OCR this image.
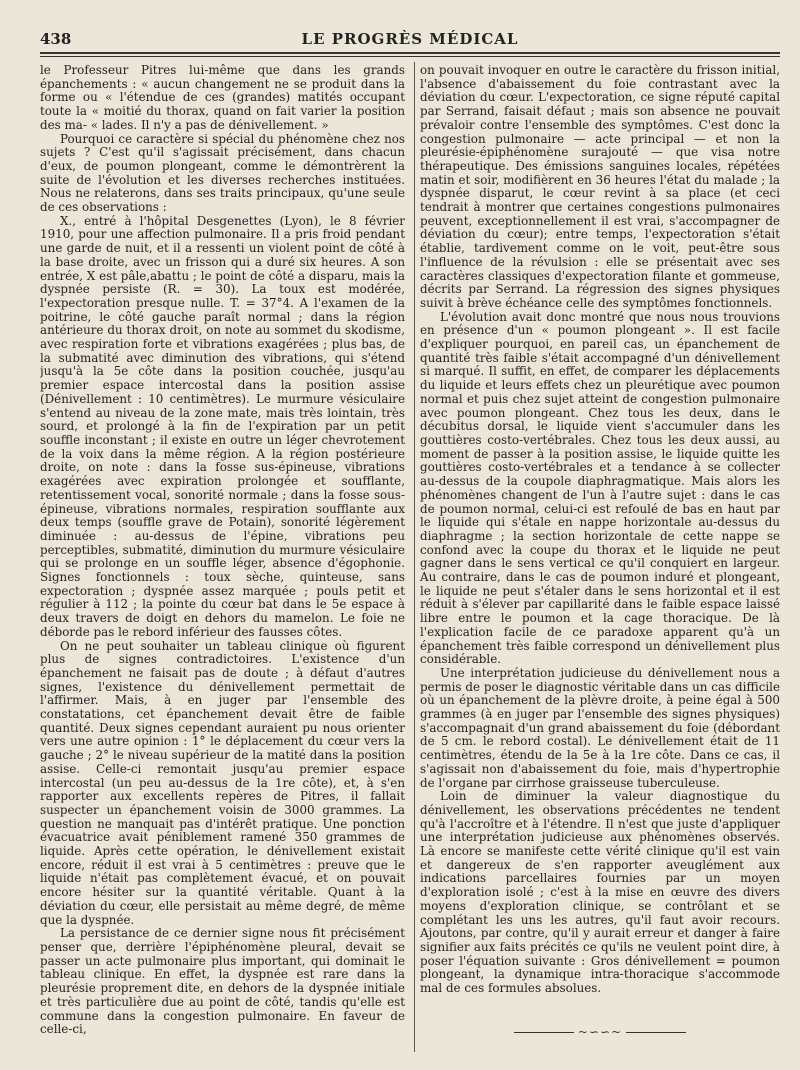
438	LE PROGRÈS MÉDICAL

le Professeur Pitres lui-même que dans les grands épanchements : « aucun changement ne se produit dans la forme ou « l'étendue de ces (grandes) matités occupant toute la « moitié du thorax, quand on fait varier la position des ma- « lades. Il n'y a pas de dénivellement. »

Pourquoi ce caractère si spécial du phénomène chez nos sujets ? C'est qu'il s'agissait précisément, dans chacun d'eux, de poumon plongeant, comme le démontrèrent la suite de l'évolution et les diverses recherches instituées. Nous ne relaterons, dans ses traits principaux, qu'une seule de ces observations :

X., entré à l'hôpital Desgenettes (Lyon), le 8 février 1910, pour une affection pulmonaire. Il a pris froid pendant une garde de nuit, et il a ressenti un violent point de côté à la base droite, avec un frisson qui a duré six heures. A son entrée, X est pâle,abattu ; le point de côté a disparu, mais la dyspnée persiste (R. = 30). La toux est modérée, l'expectoration presque nulle. T. = 37°4. A l'examen de la poitrine, le côté gauche paraît normal ; dans la région antérieure du thorax droit, on note au sommet du skodisme, avec respiration forte et vibrations exagérées ; plus bas, de la submatité avec diminution des vibrations, qui s'étend jusqu'à la 5e côte dans la position couchée, jusqu'au premier espace intercostal dans la position assise (Dénivellement : 10 centimètres). Le murmure vésiculaire s'entend au niveau de la zone mate, mais très lointain, très sourd, et prolongé à la fin de l'expiration par un petit souffle inconstant ; il existe en outre un léger chevrotement de la voix dans la même région. A la région postérieure droite, on note : dans la fosse sus-épineuse, vibrations exagérées avec expiration prolongée et soufflante, retentissement vocal, sonorité normale ; dans la fosse sous-épineuse, vibrations normales, respiration soufflante aux deux temps (souffle grave de Potain), sonorité légèrement diminuée : au-dessus de l'épine, vibrations peu perceptibles, submatité, diminution du murmure vésiculaire qui se prolonge en un souffle léger, absence d'égophonie. Signes fonctionnels : toux sèche, quinteuse, sans expectoration ; dyspnée assez marquée ; pouls petit et régulier à 112 ; la pointe du cœur bat dans le 5e espace à deux travers de doigt en dehors du mamelon. Le foie ne déborde pas le rebord inférieur des fausses côtes.

On ne peut souhaiter un tableau clinique où figurent plus de signes contradictoires. L'existence d'un épanchement ne faisait pas de doute ; à défaut d'autres signes, l'existence du dénivellement permettait de l'affirmer. Mais, à en juger par l'ensemble des constatations, cet épanchement devait être de faible quantité. Deux signes cependant auraient pu nous orienter vers une autre opinion : 1° le déplacement du cœur vers la gauche ; 2° le niveau supérieur de la matité dans la position assise. Celle-ci remontait jusqu'au premier espace intercostal (un peu au-dessus de la 1re côte), et, à s'en rapporter aux excellents repères de Pitres, il fallait suspecter un épanchement voisin de 3000 grammes. La question ne manquait pas d'intérêt pratique. Une ponction évacuatrice avait péniblement ramené 350 grammes de liquide. Après cette opération, le dénivellement existait encore, réduit il est vrai à 5 centimètres : preuve que le liquide n'était pas complètement évacué, et on pouvait encore hésiter sur la quantité véritable. Quant à la déviation du cœur, elle persistait au même degré, de même que la dyspnée.

La persistance de ce dernier signe nous fit précisément penser que, derrière l'épiphénomène pleural, devait se passer un acte pulmonaire plus important, qui dominait le tableau clinique. En effet, la dyspnée est rare dans la pleurésie proprement dite, en dehors de la dyspnée initiale et très particulière due au point de côté, tandis qu'elle est commune dans la congestion pulmonaire. En faveur de celle-ci,

on pouvait invoquer en outre le caractère du frisson initial, l'absence d'abaissement du foie contrastant avec la déviation du cœur. L'expectoration, ce signe réputé capital par Serrand, faisait défaut ; mais son absence ne pouvait prévaloir contre l'ensemble des symptômes. C'est donc la congestion pulmonaire — acte principal — et non la pleurésie-épiphénomène surajouté — que visa notre thérapeutique. Des émissions sanguines locales, répétées matin et soir, modifièrent en 36 heures l'état du malade ; la dyspnée disparut, le cœur revint à sa place (et ceci tendrait à montrer que certaines congestions pulmonaires peuvent, exceptionnellement il est vrai, s'accompagner de déviation du cœur); entre temps, l'expectoration s'était établie, tardivement comme on le voit, peut-être sous l'influence de la révulsion : elle se présentait avec ses caractères classiques d'expectoration filante et gommeuse, décrits par Serrand. La régression des signes physiques suivit à brève échéance celle des symptômes fonctionnels.

L'évolution avait donc montré que nous nous trouvions en présence d'un « poumon plongeant ». Il est facile d'expliquer pourquoi, en pareil cas, un épanchement de quantité très faible s'était accompagné d'un dénivellement si marqué. Il suffit, en effet, de comparer les déplacements du liquide et leurs effets chez un pleurétique avec poumon normal et puis chez sujet atteint de congestion pulmonaire avec poumon plongeant. Chez tous les deux, dans le décubitus dorsal, le liquide vient s'accumuler dans les gouttières costo-vertébrales. Chez tous les deux aussi, au moment de passer à la position assise, le liquide quitte les gouttières costo-vertébrales et a tendance à se collecter au-dessus de la coupole diaphragmatique. Mais alors les phénomènes changent de l'un à l'autre sujet : dans le cas de poumon normal, celui-ci est refoulé de bas en haut par le liquide qui s'étale en nappe horizontale au-dessus du diaphragme ; la section horizontale de cette nappe se confond avec la coupe du thorax et le liquide ne peut gagner dans le sens vertical ce qu'il conquiert en largeur. Au contraire, dans le cas de poumon induré et plongeant, le liquide ne peut s'étaler dans le sens horizontal et il est réduit à s'élever par capillarité dans le faible espace laissé libre entre le poumon et la cage thoracique. De là l'explication facile de ce paradoxe apparent qu'à un épanchement très faible correspond un dénivellement plus considérable.

Une interprétation judicieuse du dénivellement nous a permis de poser le diagnostic véritable dans un cas difficile où un épanchement de la plèvre droite, à peine égal à 500 grammes (à en juger par l'ensemble des signes physiques) s'accompagnait d'un grand abaissement du foie (débordant de 5 cm. le rebord costal). Le dénivellement était de 11 centimètres, étendu de la 5e à la 1re côte. Dans ce cas, il s'agissait non d'abaissement du foie, mais d'hypertrophie de l'organe par cirrhose graisseuse tuberculeuse.

Loin de diminuer la valeur diagnostique du dénivellement, les observations précédentes ne tendent qu'à l'accroître et à l'étendre. Il n'est que juste d'appliquer une interprétation judicieuse aux phénomènes observés. Là encore se manifeste cette vérité clinique qu'il est vain et dangereux de s'en rapporter aveuglément aux indications parcellaires fournies par un moyen d'exploration isolé ; c'est à la mise en œuvre des divers moyens d'exploration clinique, se contrôlant et se complétant les uns les autres, qu'il faut avoir recours. Ajoutons, par contre, qu'il y aurait erreur et danger à faire signifier aux faits précités ce qu'ils ne veulent point dire, à poser l'équation suivante : Gros dénivellement = poumon plongeant, la dynamique intra-thoracique s'accommode mal de ces formules absolues.

~∽∽~
